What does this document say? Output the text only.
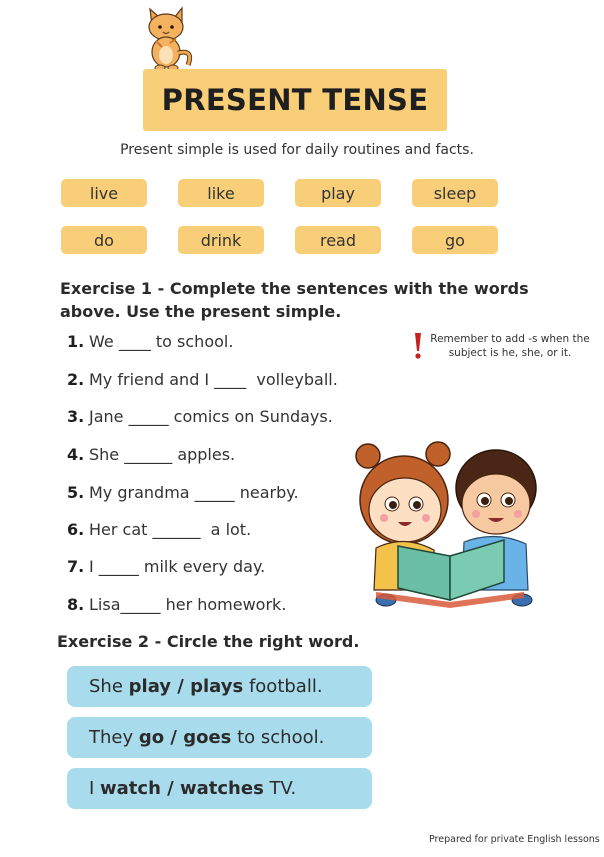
PRESENT TENSE
Present simple is used for daily routines and facts.
live	like	play	sleep
do	drink	read	go
Exercise 1 - Complete the sentences with the words
above. Use the present simple.
1. We ____ to school.
2. My friend and I ____  volleyball.
3. Jane _____ comics on Sundays.
4. She ______ apples.
5. My grandma _____ nearby.
6. Her cat ______  a lot.
7. I _____ milk every day.
8. Lisa_____ her homework.
Remember to add -s when the subject is he, she, or it.
Exercise 2 - Circle the right word.
She play / plays football.
They go / goes to school.
I watch / watches TV.
Prepared for private English lessons
